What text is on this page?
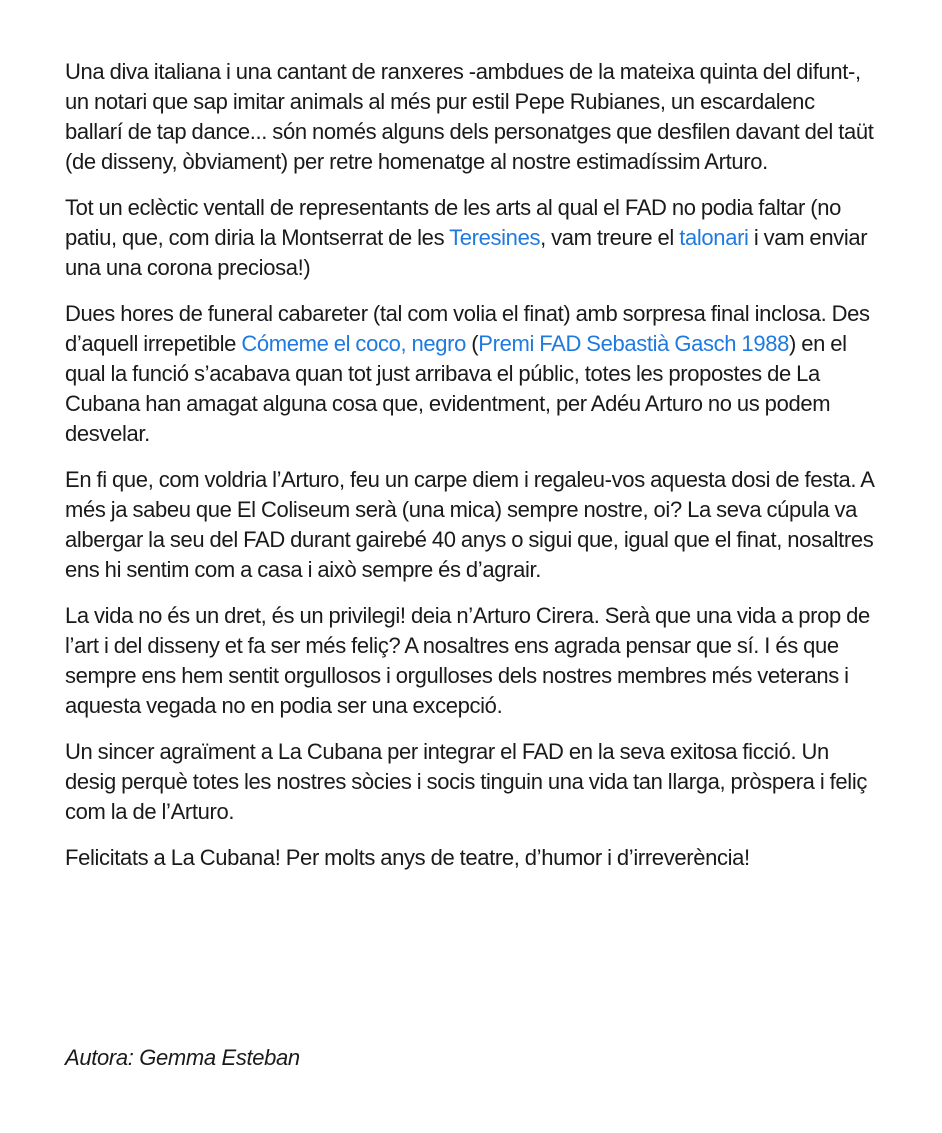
Una diva italiana i una cantant de ranxeres -ambdues de la mateixa quinta del difunt-, un notari que sap imitar animals al més pur estil Pepe Rubianes, un escardalenc ballarí de tap dance... són només alguns dels personatges que desfilen davant del taüt (de disseny, òbviament) per retre homenatge al nostre estimadíssim Arturo.

Tot un eclèctic ventall de representants de les arts al qual el FAD no podia faltar (no patiu, que, com diria la Montserrat de les Teresines, vam treure el talonari i vam enviar una una corona preciosa!)

Dues hores de funeral cabareter (tal com volia el finat) amb sorpresa final inclosa. Des d’aquell irrepetible Cómeme el coco, negro (Premi FAD Sebastià Gasch 1988) en el qual la funció s’acabava quan tot just arribava el públic, totes les propostes de La Cubana han amagat alguna cosa que, evidentment, per Adéu Arturo no us podem desvelar.

En fi que, com voldria l’Arturo, feu un carpe diem i regaleu-vos aquesta dosi de festa. A més ja sabeu que El Coliseum serà (una mica) sempre nostre, oi? La seva cúpula va albergar la seu del FAD durant gairebé 40 anys o sigui que, igual que el finat, nosaltres ens hi sentim com a casa i això sempre és d’agrair.

La vida no és un dret, és un privilegi! deia n’Arturo Cirera. Serà que una vida a prop de l’art i del disseny et fa ser més feliç? A nosaltres ens agrada pensar que sí. I és que sempre ens hem sentit orgullosos i orgulloses dels nostres membres més veterans i aquesta vegada no en podia ser una excepció.

Un sincer agraïment a La Cubana per integrar el FAD en la seva exitosa ficció. Un desig perquè totes les nostres sòcies i socis tinguin una vida tan llarga, pròspera i feliç com la de l’Arturo.

Felicitats a La Cubana! Per molts anys de teatre, d’humor i d’irreverència!

Autora: Gemma Esteban
